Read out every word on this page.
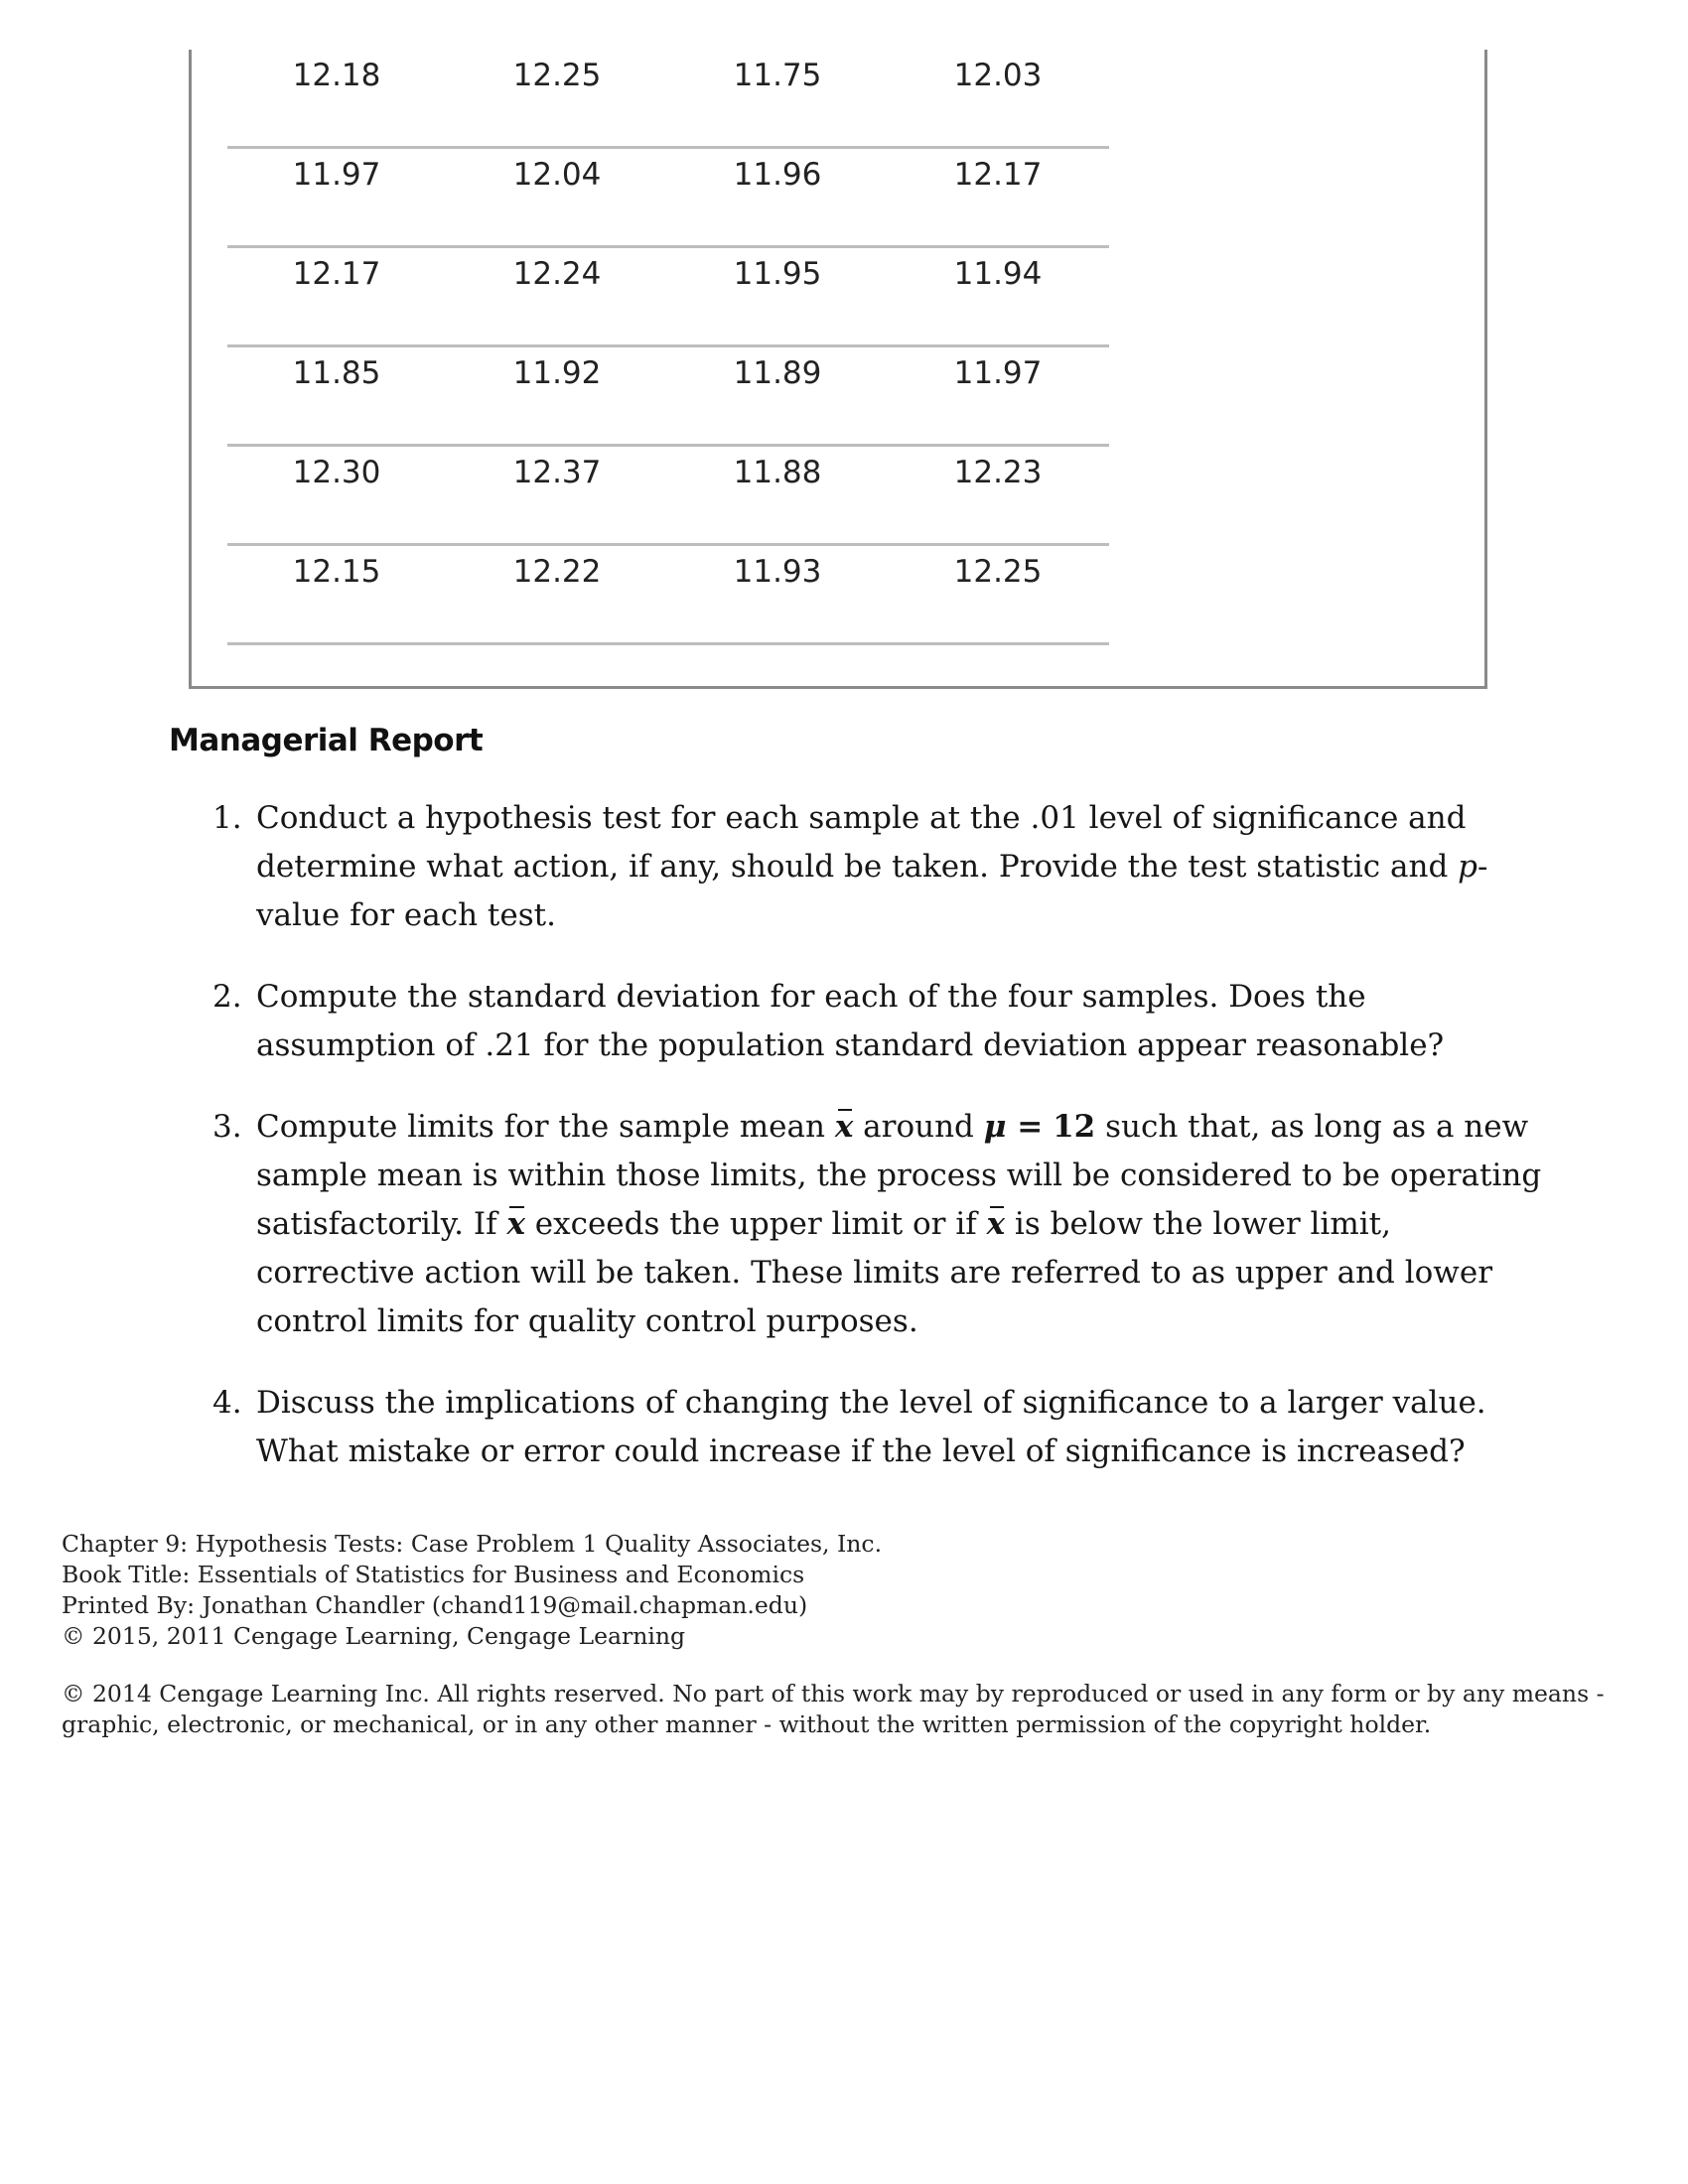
12.18	12.25	11.75	12.03
11.97	12.04	11.96	12.17
12.17	12.24	11.95	11.94
11.85	11.92	11.89	11.97
12.30	12.37	11.88	12.23
12.15	12.22	11.93	12.25
Managerial Report
1. Conduct a hypothesis test for each sample at the .01 level of significance and determine what action, if any, should be taken. Provide the test statistic and p-value for each test.
2. Compute the standard deviation for each of the four samples. Does the assumption of .21 for the population standard deviation appear reasonable?
3. Compute limits for the sample mean x around μ = 12 such that, as long as a new sample mean is within those limits, the process will be considered to be operating satisfactorily. If x exceeds the upper limit or if x is below the lower limit, corrective action will be taken. These limits are referred to as upper and lower control limits for quality control purposes.
4. Discuss the implications of changing the level of significance to a larger value. What mistake or error could increase if the level of significance is increased?
Chapter 9: Hypothesis Tests: Case Problem 1 Quality Associates, Inc.
Book Title: Essentials of Statistics for Business and Economics
Printed By: Jonathan Chandler (chand119@mail.chapman.edu)
© 2015, 2011 Cengage Learning, Cengage Learning
© 2014 Cengage Learning Inc. All rights reserved. No part of this work may by reproduced or used in any form or by any means - graphic, electronic, or mechanical, or in any other manner - without the written permission of the copyright holder.
